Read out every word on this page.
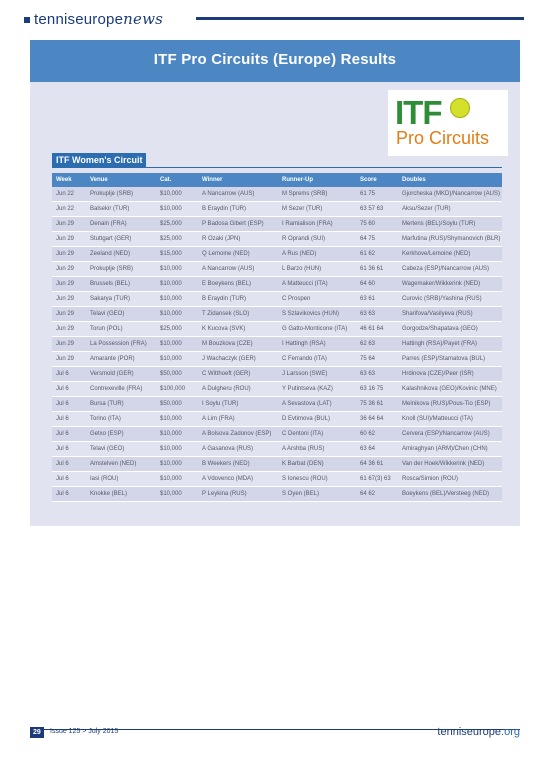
tenniseuropenews
ITF Pro Circuits (Europe) Results
ITF
Pro Circuits
ITF Women's Circuit
Week	Venue	Cat.	Winner	Runner-Up	Score	Doubles
Jun 22	Prokuplje (SRB)	$10,000	A Nancarrow (AUS)	M Sprems (SRB)	61 75	Gjorcheska (MKD)/Nancarrow (AUS)
Jun 22	Balsekir (TUR)	$10,000	B Eraydin (TUR)	M Sezer (TUR)	63 57 63	Aksu/Sezer (TUR)
Jun 29	Denain (FRA)	$25,000	P Badosa Gibert (ESP)	I Ramialison (FRA)	75 60	Mertens (BEL)/Soylu (TUR)
Jun 29	Stuttgart (GER)	$25,000	R Ozaki (JPN)	R Oprandi (SUI)	64 75	Marfutina (RUS)/Shymanovich (BLR)
Jun 29	Zeeland (NED)	$15,000	Q Lemoine (NED)	A Rus (NED)	61 62	Kerkhove/Lemoine (NED)
Jun 29	Prokuplje (SRB)	$10,000	A Nancarrow (AUS)	L Barzo (HUN)	61 36 61	Cabeza (ESP)/Nancarrow (AUS)
Jun 29	Brussels (BEL)	$10,000	E Boeykens (BEL)	A Matteucci (ITA)	64 60	Wagemaker/Wikkerink (NED)
Jun 29	Sakarya (TUR)	$10,000	B Eraydin (TUR)	C Prospen	63 61	Curovic (SRB)/Yashina (RUS)
Jun 29	Telavi (GEO)	$10,000	T Zidansek (SLO)	S Szlavikovics (HUN)	63 63	Sharifova/Vasilyeva (RUS)
Jun 29	Torun (POL)	$25,000	K Kucova (SVK)	G Gatto-Monticone (ITA)	46 61 64	Gorgodze/Shapatava (GEO)
Jun 29	La Possession (FRA)	$10,000	M Bouzkova (CZE)	I Hattingh (RSA)	62 63	Hattingh (RSA)/Payet (FRA)
Jun 29	Amarante (POR)	$10,000	J Wachaczyk (GER)	C Ferrando (ITA)	75 64	Parres (ESP)/Stamatova (BUL)
Jul 6	Versmold (GER)	$50,000	C Witthoeft (GER)	J Larsson (SWE)	63 63	Hrdinova (CZE)/Peer (ISR)
Jul 6	Contrexeville (FRA)	$100,000	A Dulgheru (ROU)	Y Putintseva (KAZ)	63 16 75	Kalashnikova (GEO)/Kovinic (MNE)
Jul 6	Bursa (TUR)	$50,000	I Soylu (TUR)	A Sevastova (LAT)	75 36 61	Melnikova (RUS)/Pous-Tio (ESP)
Jul 6	Torino (ITA)	$10,000	A Lim (FRA)	D Evtimova (BUL)	36 64 64	Knoll (SUI)/Matteucci (ITA)
Jul 6	Getxo (ESP)	$10,000	A Bolsova Zadonov (ESP)	C Dentoni (ITA)	60 62	Cervera (ESP)/Nancarrow (AUS)
Jul 6	Telavi (GEO)	$10,000	A Gasanova (RUS)	A Arshba (RUS)	63 64	Amiraghyan (ARM)/Chen (CHN)
Jul 6	Amstelven (NED)	$10,000	B Weekers (NED)	K Barbat (DEN)	64 36 61	Van der Hoek/Wikkerink (NED)
Jul 6	Iasi (ROU)	$10,000	A Vdovenco (MDA)	S Ionescu (ROU)	61 67(3) 63	Rosca/Simion (ROU)
Jul 6	Knokke (BEL)	$10,000	P Leykina (RUS)	S Oyen (BEL)	64 62	Boeykens (BEL)/Versteeg (NED)
29	Issue 125 > July 2015	tenniseurope.org
